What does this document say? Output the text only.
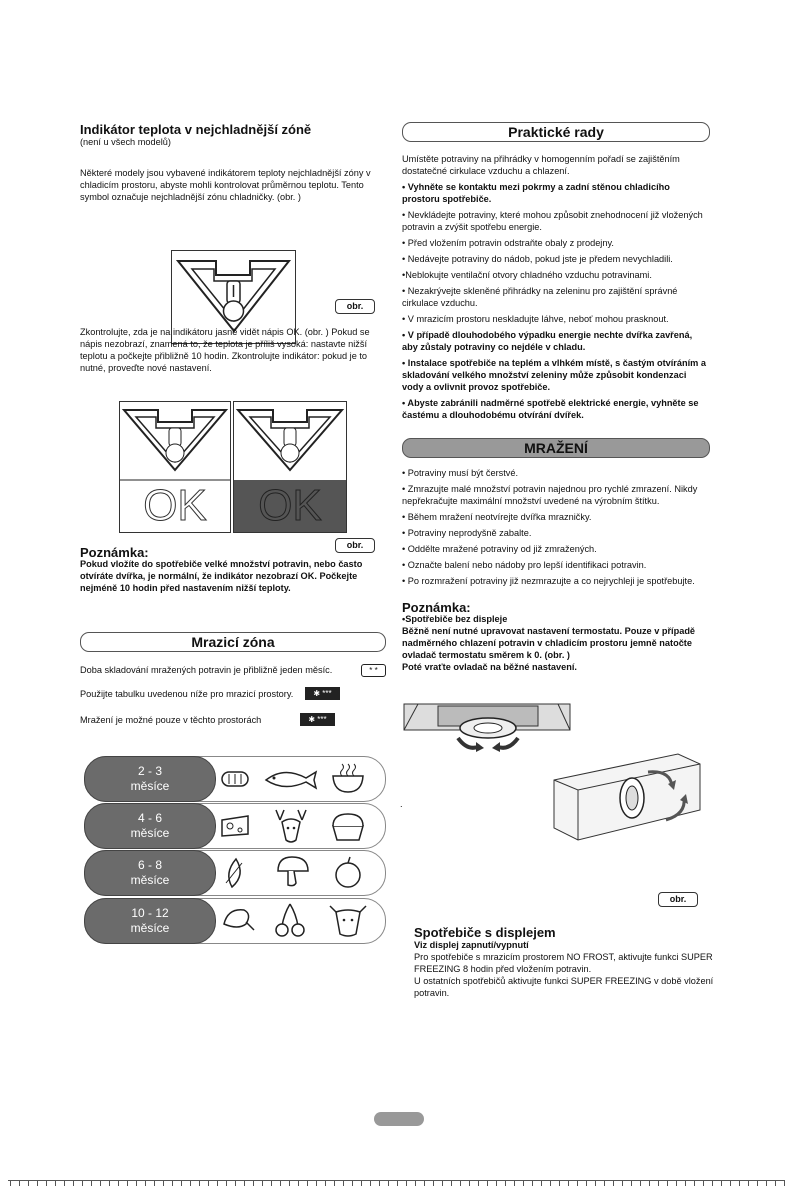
Indikátor teplota v nejchladnější zóně
(není u všech modelů)
Některé modely jsou vybavené indikátorem teploty nejchladnější zóny v chladicím prostoru, abyste mohli kontrolovat průměrnou teplotu. Tento symbol označuje nejchladnější zónu chladničky. (obr. )
obr.
Zkontrolujte, zda je na indikátoru jasně vidět nápis OK. (obr. ) Pokud se nápis nezobrazí, znamená to, že teplota je příliš vysoká: nastavte nižší teplotu a počkejte přibližně 10 hodin. Zkontrolujte indikátor: pokud je to nutné, proveďte nové nastavení.
OK	OK
obr.
Poznámka:
Pokud vložíte do spotřebiče velké množství potravin, nebo často otvíráte dvířka, je normální, že indikátor nezobrazí OK. Počkejte nejméně 10 hodin před nastavením nižší teploty.
Mrazicí zóna
Doba skladování mražených potravin je přibližně jeden měsíc.	* *
Použijte tabulku uvedenou níže pro mrazicí prostory.	✱ ***
Mražení je možné pouze v těchto prostorách	✱ ***
2 - 3
měsíce
4 - 6
měsíce
6 - 8
měsíce
10 - 12
měsíce
Praktické rady
Umístěte potraviny na přihrádky v homogenním pořadí se zajištěním dostatečné cirkulace vzduchu a chlazení.
• Vyhněte se kontaktu mezi pokrmy a zadní stěnou chladicího prostoru spotřebiče.
• Nevkládejte potraviny, které mohou způsobit znehodnocení již vložených potravin a zvýšit spotřebu energie.
• Před vložením potravin odstraňte obaly z prodejny.
• Nedávejte potraviny do nádob, pokud jste je předem nevychladili.
•Neblokujte ventilační otvory chladného vzduchu potravinami.
• Nezakrývejte skleněné přihrádky na zeleninu pro zajištění správné cirkulace vzduchu.
• V mrazicím prostoru neskladujte láhve, neboť mohou prasknout.
• V případě dlouhodobého výpadku energie nechte dvířka zavřená, aby zůstaly potraviny co nejdéle v chladu.
• Instalace spotřebiče na teplém a vlhkém místě, s častým otvíráním a skladování velkého množství zeleniny může způsobit kondenzaci vody a ovlivnit provoz spotřebiče.
• Abyste zabránili nadměrné spotřebě elektrické energie, vyhněte se častému a dlouhodobému otvírání dvířek.
MRAŽENÍ
• Potraviny musí být čerstvé.
• Zmrazujte malé množství potravin najednou pro rychlé zmrazení. Nikdy nepřekračujte maximální množství uvedené na výrobním štítku.
• Během mražení neotvírejte dvířka mrazničky.
• Potraviny neprodyšně zabalte.
• Oddělte mražené potraviny od již zmražených.
• Označte balení nebo nádoby pro lepší identifikaci potravin.
• Po rozmražení potraviny již nezmrazujte a co nejrychleji je spotřebujte.
Poznámka:
•Spotřebiče bez displeje
Běžně není nutné upravovat nastavení termostatu. Pouze v případě nadměrného chlazení potravin v chladicím prostoru jemně natočte ovladač termostatu směrem k 0. (obr. )
Poté vraťte ovladač na běžné nastavení.
.
obr.
Spotřebiče s displejem
Viz displej zapnutí/vypnutí
Pro spotřebiče s mrazicím prostorem NO FROST, aktivujte funkci SUPER FREEZING 8 hodin před vložením potravin.
U ostatních spotřebičů aktivujte funkci SUPER FREEZING v době vložení potravin.
